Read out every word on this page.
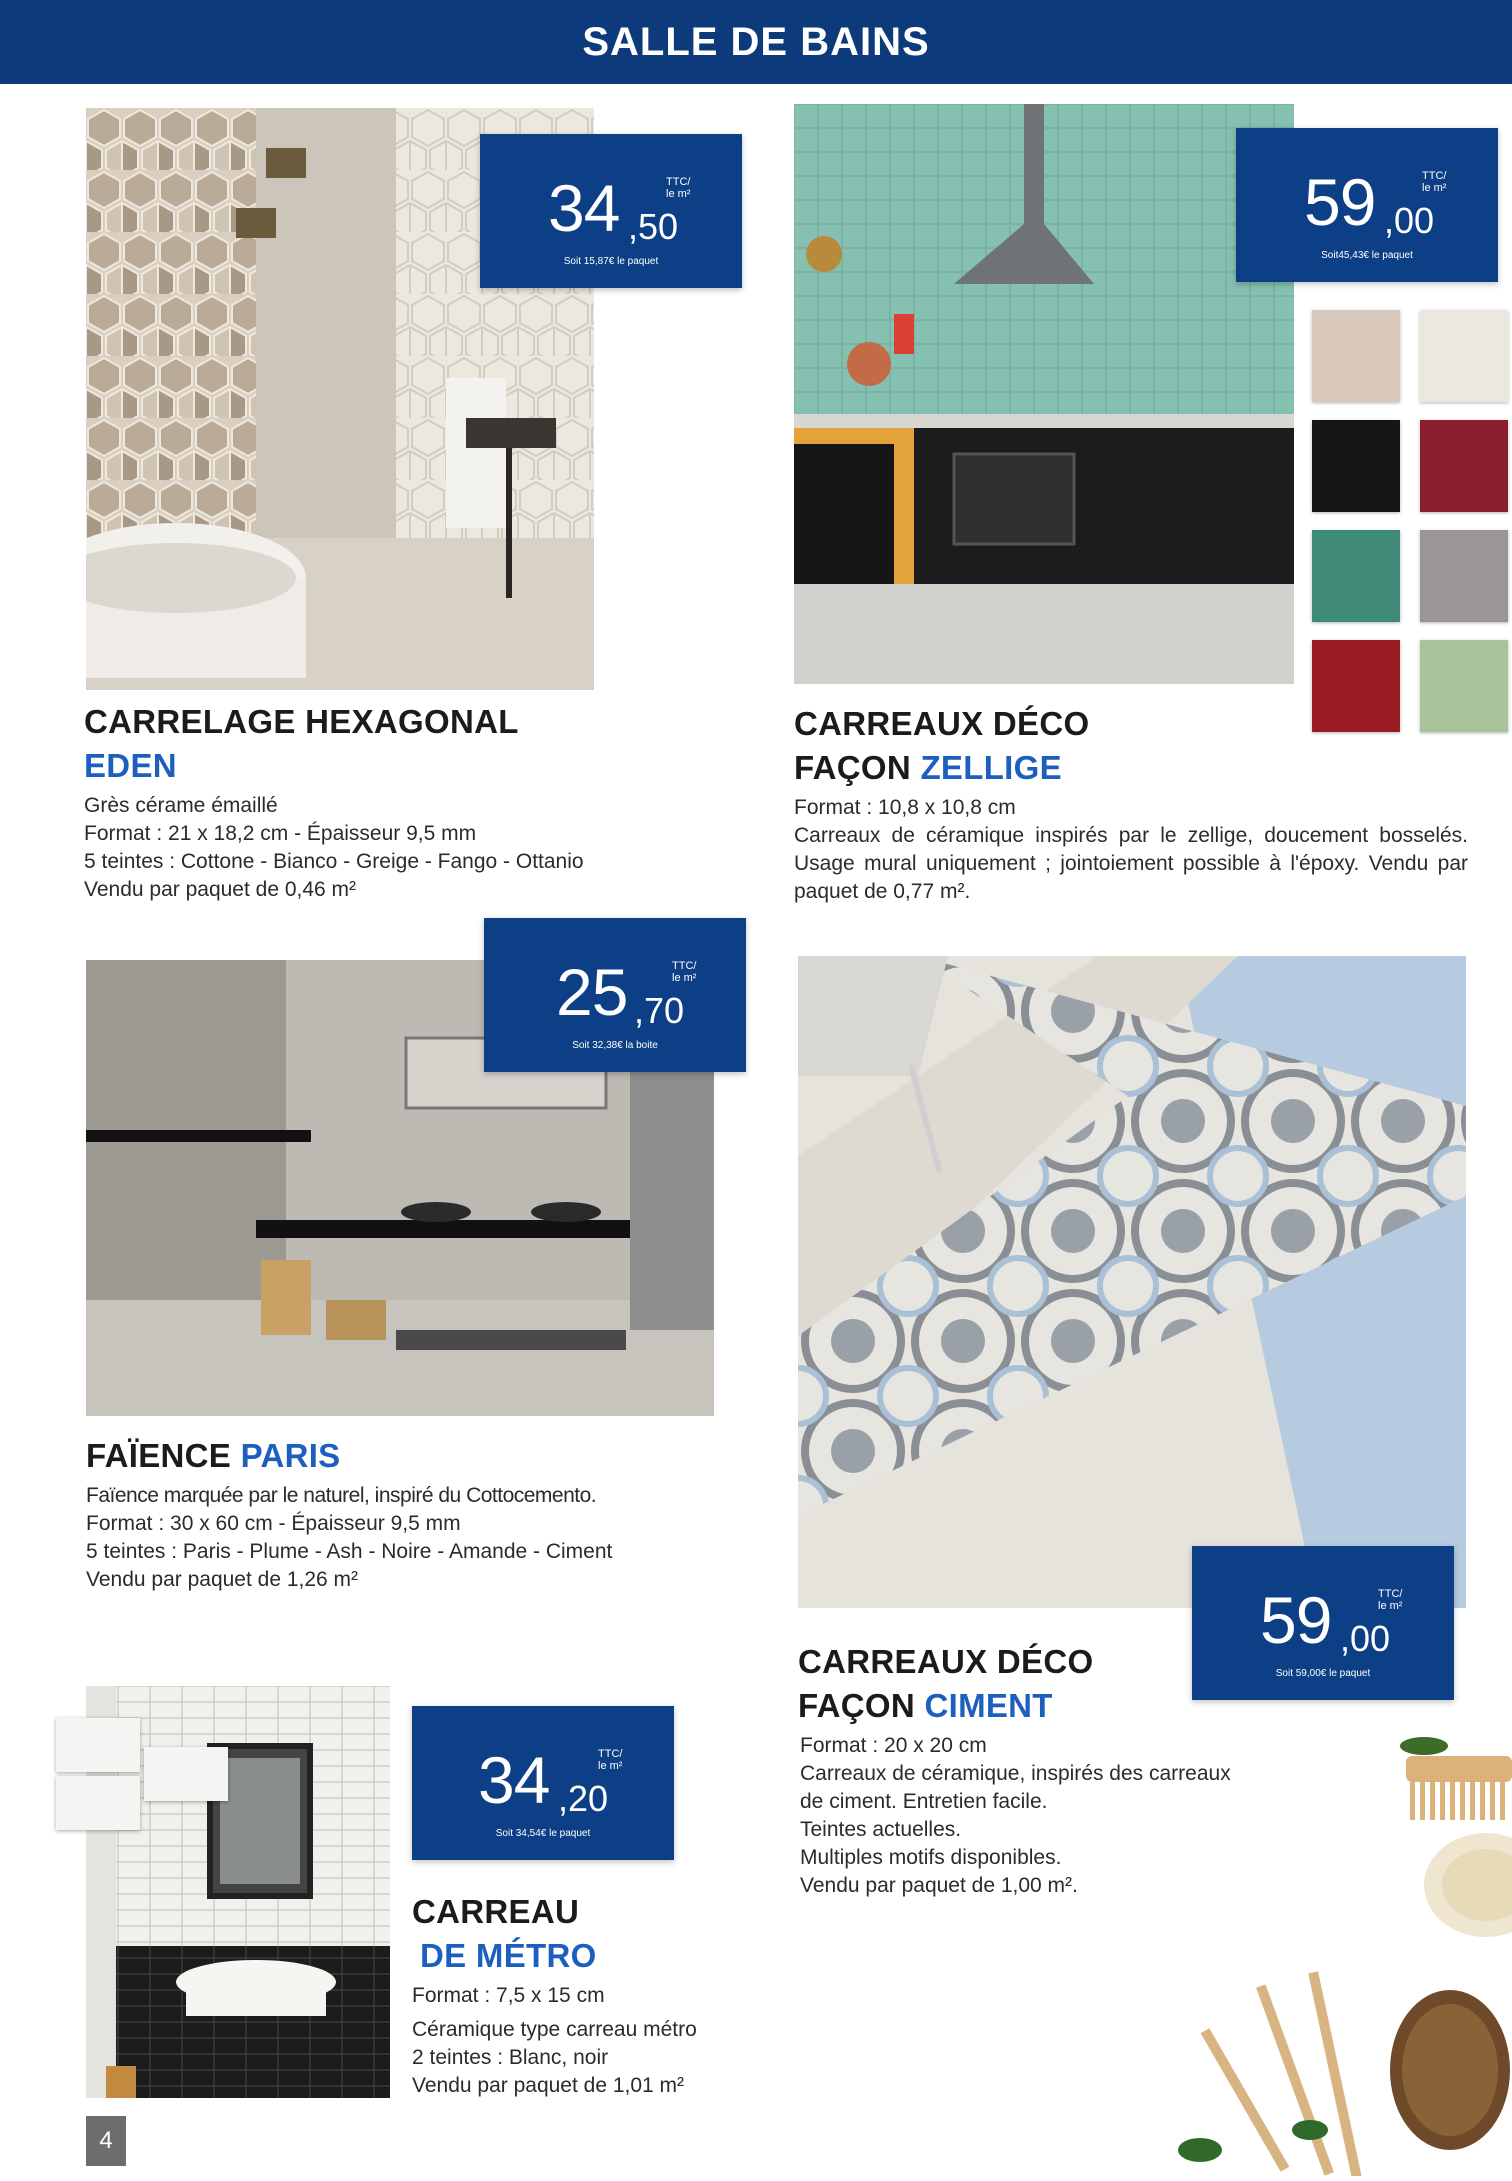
SALLE DE BAINS
34 ,50
TTC/
le m²
Soit 15,87€ le paquet
CARRELAGE HEXAGONAL
EDEN
Grès cérame émaillé
Format : 21 x 18,2 cm - Épaisseur 9,5 mm
5 teintes : Cottone - Bianco - Greige - Fango - Ottanio
Vendu par paquet de 0,46 m²
59 ,00
TTC/
le m²
Soit45,43€ le paquet
CARREAUX DÉCO
FAÇON ZELLIGE
Format : 10,8 x 10,8 cm
Carreaux de céramique inspirés par le zellige, doucement bosselés. Usage mural uniquement ; jointoiement possible à l'époxy. Vendu par paquet de 0,77 m².
25 ,70
TTC/
le m²
Soit 32,38€ la boite
FAÏENCE PARIS
Faïence marquée par le naturel, inspiré du Cottocemento.
Format : 30 x 60 cm - Épaisseur 9,5 mm
5 teintes : Paris - Plume - Ash - Noire - Amande - Ciment
Vendu par paquet de 1,26 m²
59 ,00
TTC/
le m²
Soit 59,00€ le paquet
CARREAUX DÉCO
FAÇON CIMENT
Format : 20 x 20 cm
Carreaux de céramique, inspirés des carreaux
de ciment. Entretien facile.
Teintes actuelles.
Multiples motifs disponibles.
Vendu par paquet de 1,00 m².
34 ,20
TTC/
le m²
Soit 34,54€ le paquet
CARREAU
DE MÉTRO
Format : 7,5 x 15 cm
Céramique type carreau métro
2 teintes : Blanc, noir
Vendu par paquet de 1,01 m²
4
